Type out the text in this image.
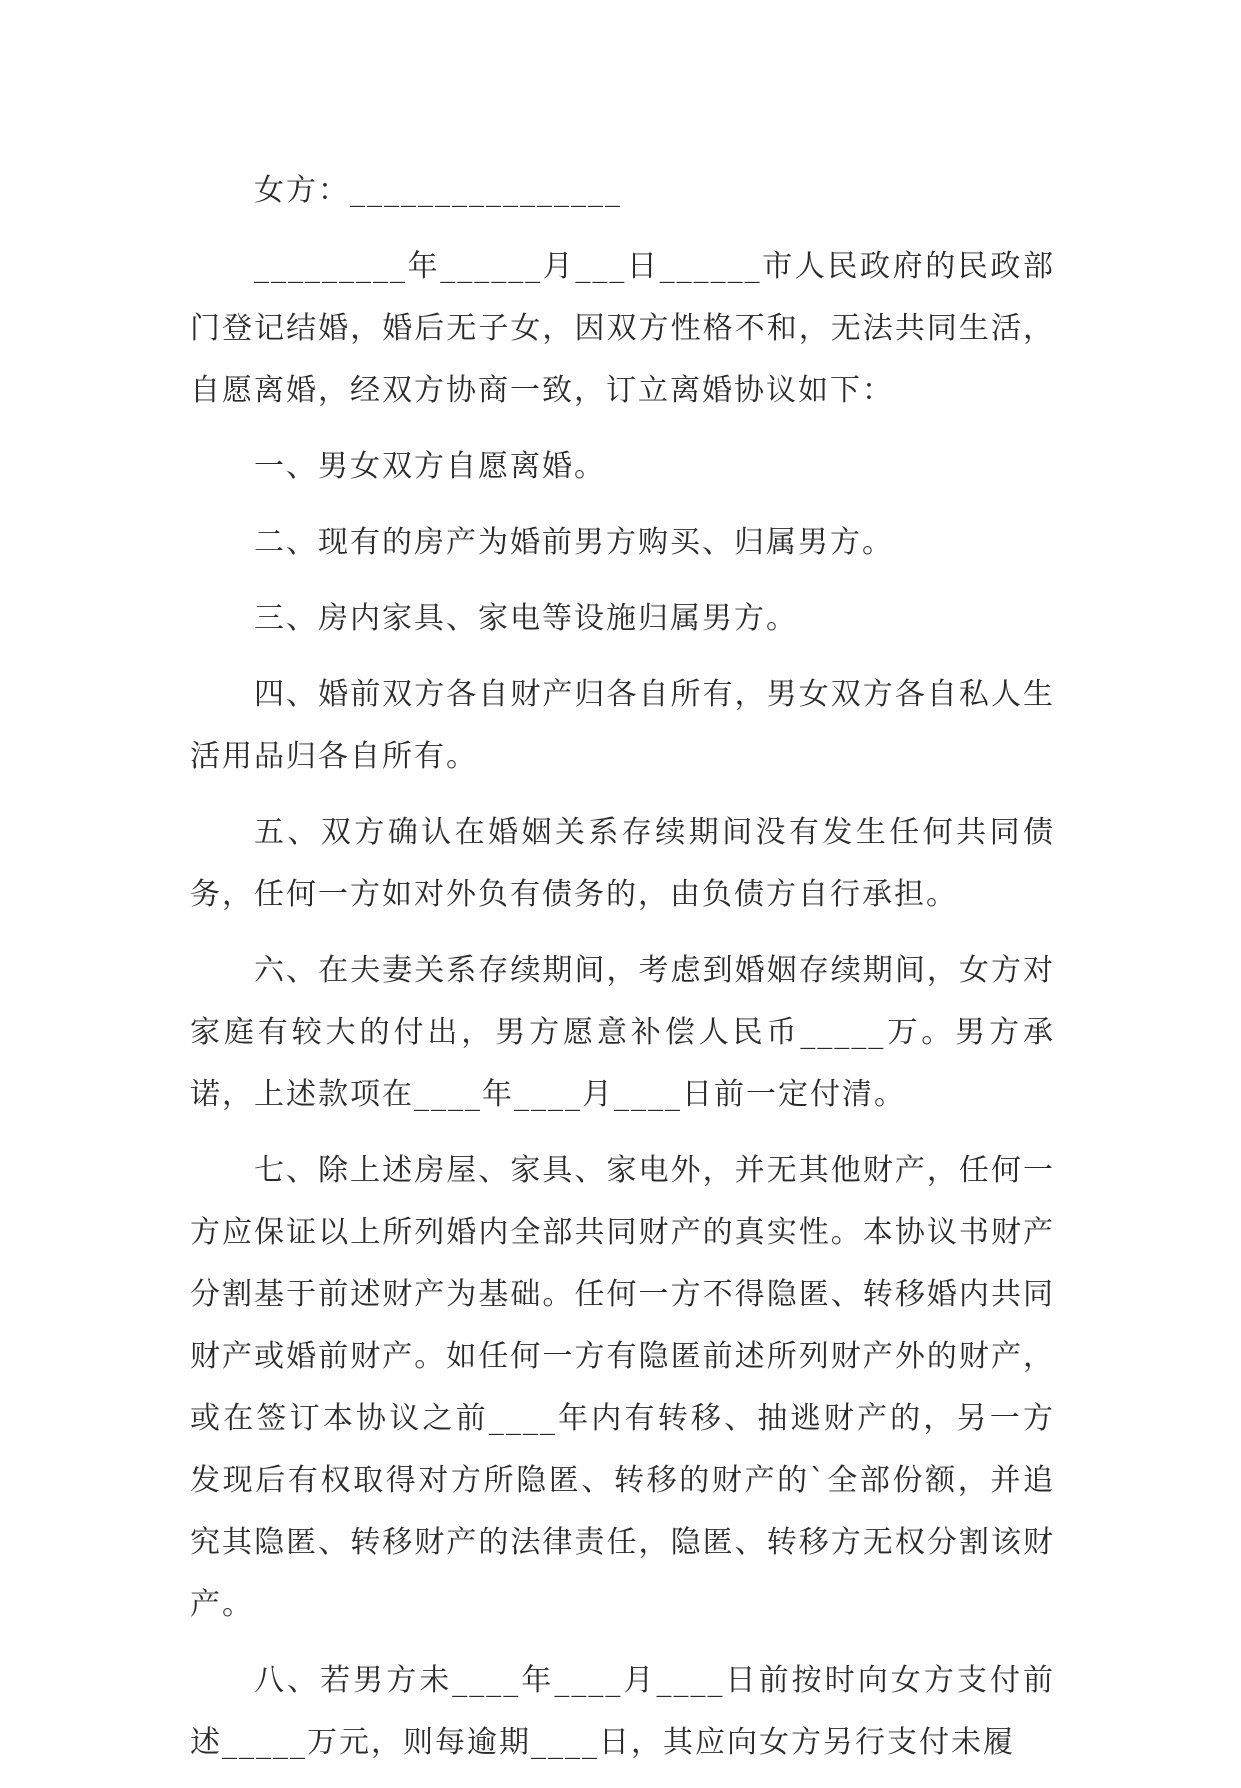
女方：________________

_________年______月___日______市人民政府的民政部门登记结婚，婚后无子女，因双方性格不和，无法共同生活，自愿离婚，经双方协商一致，订立离婚协议如下：

一、男女双方自愿离婚。

二、现有的房产为婚前男方购买、归属男方。

三、房内家具、家电等设施归属男方。

四、婚前双方各自财产归各自所有，男女双方各自私人生活用品归各自所有。

五、双方确认在婚姻关系存续期间没有发生任何共同债务，任何一方如对外负有债务的，由负债方自行承担。

六、在夫妻关系存续期间，考虑到婚姻存续期间，女方对家庭有较大的付出，男方愿意补偿人民币_____万。男方承诺，上述款项在____年____月____日前一定付清。

七、除上述房屋、家具、家电外，并无其他财产，任何一方应保证以上所列婚内全部共同财产的真实性。本协议书财产分割基于前述财产为基础。任何一方不得隐匿、转移婚内共同财产或婚前财产。如任何一方有隐匿前述所列财产外的财产，或在签订本协议之前____年内有转移、抽逃财产的，另一方发现后有权取得对方所隐匿、转移的财产的`全部份额，并追究其隐匿、转移财产的法律责任，隐匿、转移方无权分割该财产。

八、若男方未____年____月____日前按时向女方支付前述_____万元，则每逾期____日，其应向女方另行支付未履
